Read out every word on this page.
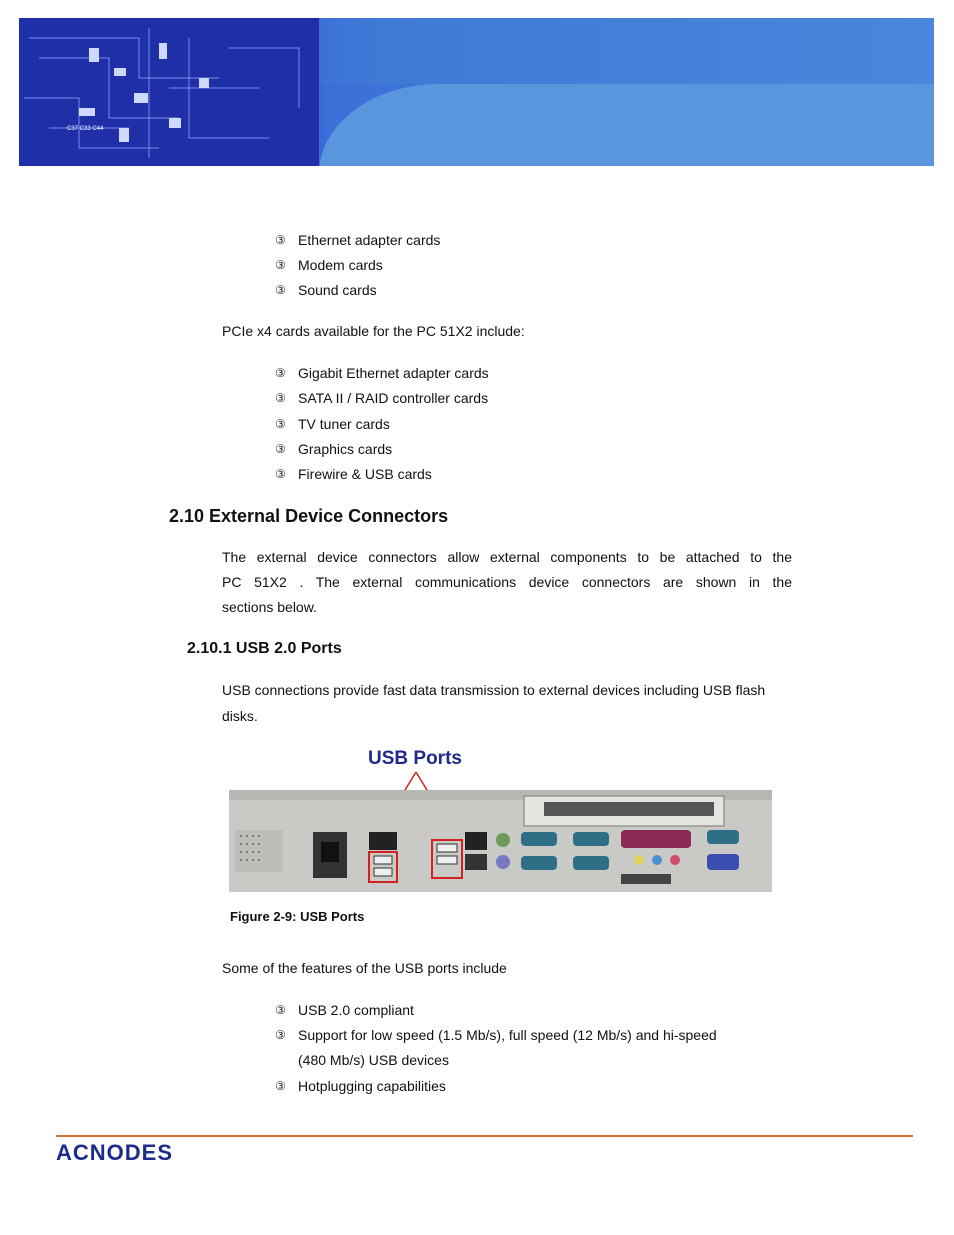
C37 C33 C44
③ Ethernet adapter cards
③ Modem cards
③ Sound cards
PCIe x4 cards available for the PC 51X2 include:
③ Gigabit Ethernet adapter cards
③ SATA II / RAID controller cards
③ TV tuner cards
③ Graphics cards
③ Firewire & USB cards
2.10 External Device Connectors
The external device connectors allow external components to be attached to the
PC 51X2 . The external communications device connectors are shown in the
sections below.
2.10.1 USB 2.0 Ports
USB connections provide fast data transmission to external devices including USB flash
disks.
USB Ports
Figure 2-9: USB Ports
Some of the features of the USB ports include
③ USB 2.0 compliant
③ Support for low speed (1.5 Mb/s), full speed (12 Mb/s) and hi-speed
(480 Mb/s) USB devices
③ Hotplugging capabilities
ACNODES
